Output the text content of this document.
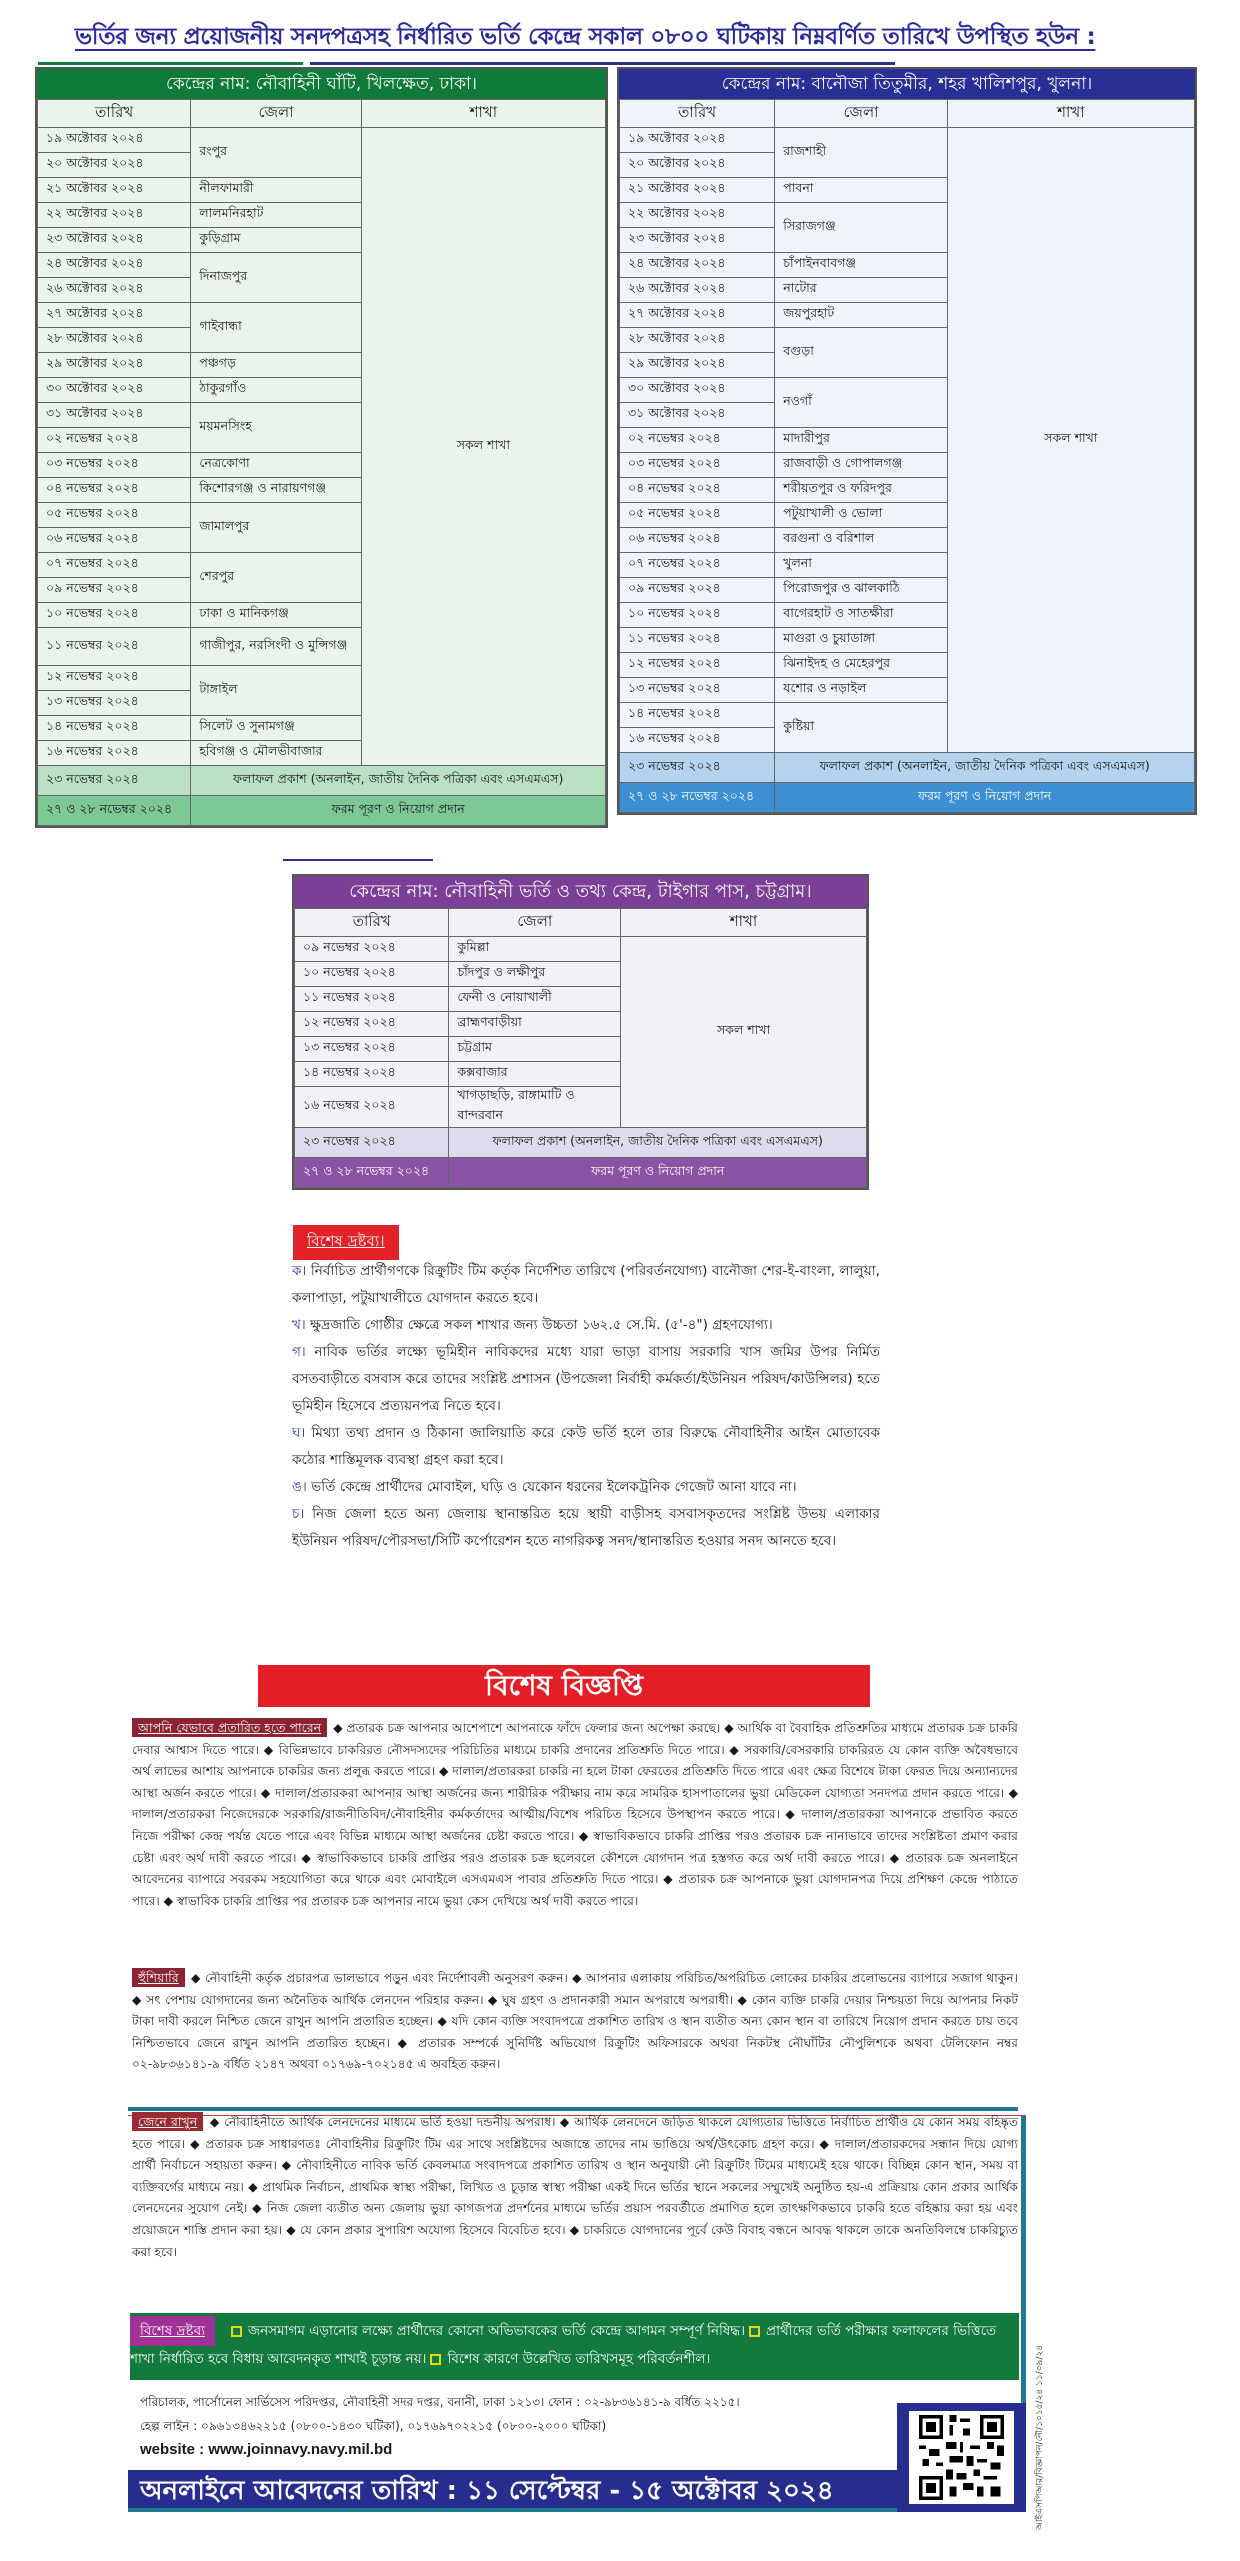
ভর্তির জন্য প্রয়োজনীয় সনদপত্রসহ নির্ধারিত ভর্তি কেন্দ্রে সকাল ০৮০০ ঘটিকায় নিম্নবর্ণিত তারিখে উপস্থিত হউন :
কেন্দ্রের নাম: নৌবাহিনী ঘাঁটি, খিলক্ষেত, ঢাকা।
তারিখ	জেলা	শাখা
১৯ অক্টোবর ২০২৪	রংপুর	সকল শাখা
২০ অক্টোবর ২০২৪		
২১ অক্টোবর ২০২৪	নীলফামারী	
২২ অক্টোবর ২০২৪	লালমনিরহাট	
২৩ অক্টোবর ২০২৪	কুড়িগ্রাম	
২৪ অক্টোবর ২০২৪	দিনাজপুর	
২৬ অক্টোবর ২০২৪		
২৭ অক্টোবর ২০২৪	গাইবান্ধা	
২৮ অক্টোবর ২০২৪		
২৯ অক্টোবর ২০২৪	পঞ্চগড়	
৩০ অক্টোবর ২০২৪	ঠাকুরগাঁও	
৩১ অক্টোবর ২০২৪	ময়মনসিংহ	
০২ নভেম্বর ২০২৪		
০৩ নভেম্বর ২০২৪	নেত্রকোণা	
০৪ নভেম্বর ২০২৪	কিশোরগঞ্জ ও নারায়ণগঞ্জ	
০৫ নভেম্বর ২০২৪	জামালপুর	
০৬ নভেম্বর ২০২৪		
০৭ নভেম্বর ২০২৪	শেরপুর	
০৯ নভেম্বর ২০২৪		
১০ নভেম্বর ২০২৪	ঢাকা ও মানিকগঞ্জ	
১১ নভেম্বর ২০২৪	গাজীপুর, নরসিংদী ও মুন্সিগঞ্জ	
১২ নভেম্বর ২০২৪	টাঙ্গাইল	
১৩ নভেম্বর ২০২৪		
১৪ নভেম্বর ২০২৪	সিলেট ও সুনামগঞ্জ	
১৬ নভেম্বর ২০২৪	হবিগঞ্জ ও মৌলভীবাজার	
২৩ নভেম্বর ২০২৪	ফলাফল প্রকাশ (অনলাইন, জাতীয় দৈনিক পত্রিকা এবং এসএমএস)	
২৭ ও ২৮ নভেম্বর ২০২৪	ফরম পূরণ ও নিয়োগ প্রদান	
কেন্দ্রের নাম: বানৌজা তিতুমীর, শহর খালিশপুর, খুলনা।
তারিখ	জেলা	শাখা
১৯ অক্টোবর ২০২৪	রাজশাহী	সকল শাখা
২০ অক্টোবর ২০২৪		
২১ অক্টোবর ২০২৪	পাবনা	
২২ অক্টোবর ২০২৪	সিরাজগঞ্জ	
২৩ অক্টোবর ২০২৪		
২৪ অক্টোবর ২০২৪	চাঁপাইনবাবগঞ্জ	
২৬ অক্টোবর ২০২৪	নাটোর	
২৭ অক্টোবর ২০২৪	জয়পুরহাট	
২৮ অক্টোবর ২০২৪	বগুড়া	
২৯ অক্টোবর ২০২৪		
৩০ অক্টোবর ২০২৪	নওগাঁ	
৩১ অক্টোবর ২০২৪		
০২ নভেম্বর ২০২৪	মাদারীপুর	
০৩ নভেম্বর ২০২৪	রাজবাড়ী ও গোপালগঞ্জ	
০৪ নভেম্বর ২০২৪	শরীয়তপুর ও ফরিদপুর	
০৫ নভেম্বর ২০২৪	পটুয়াখালী ও ভোলা	
০৬ নভেম্বর ২০২৪	বরগুনা ও বরিশাল	
০৭ নভেম্বর ২০২৪	খুলনা	
০৯ নভেম্বর ২০২৪	পিরোজপুর ও ঝালকাঠি	
১০ নভেম্বর ২০২৪	বাগেরহাট ও সাতক্ষীরা	
১১ নভেম্বর ২০২৪	মাগুরা ও চুয়াডাঙ্গা	
১২ নভেম্বর ২০২৪	ঝিনাইদহ ও মেহেরপুর	
১৩ নভেম্বর ২০২৪	যশোর ও নড়াইল	
১৪ নভেম্বর ২০২৪	কুষ্টিয়া	
১৬ নভেম্বর ২০২৪		
২৩ নভেম্বর ২০২৪	ফলাফল প্রকাশ (অনলাইন, জাতীয় দৈনিক পত্রিকা এবং এসএমএস)	
২৭ ও ২৮ নভেম্বর ২০২৪	ফরম পূরণ ও নিয়োগ প্রদান	
কেন্দ্রের নাম: নৌবাহিনী ভর্তি ও তথ্য কেন্দ্র, টাইগার পাস, চট্টগ্রাম।
তারিখ	জেলা	শাখা
০৯ নভেম্বর ২০২৪	কুমিল্লা	সকল শাখা
১০ নভেম্বর ২০২৪	চাঁদপুর ও লক্ষীপুর	
১১ নভেম্বর ২০২৪	ফেনী ও নোয়াখালী	
১২ নভেম্বর ২০২৪	ব্রাহ্মণবাড়ীয়া	
১৩ নভেম্বর ২০২৪	চট্টগ্রাম	
১৪ নভেম্বর ২০২৪	কক্সবাজার	
১৬ নভেম্বর ২০২৪	খাগড়াছড়ি, রাঙ্গামাটি ও বান্দরবান	
২৩ নভেম্বর ২০২৪	ফলাফল প্রকাশ (অনলাইন, জাতীয় দৈনিক পত্রিকা এবং এসএমএস)	
২৭ ও ২৮ নভেম্বর ২০২৪	ফরম পূরণ ও নিয়োগ প্রদান	
বিশেষ দ্রষ্টব্য।

ক। নির্বাচিত প্রার্থীগণকে রিক্রুটিং টিম কর্তৃক নির্দেশিত তারিখে (পরিবর্তনযোগ্য) বানৌজা শের-ই-বাংলা, লালুয়া, কলাপাড়া, পটুয়াখালীতে যোগদান করতে হবে।

খ। ক্ষুদ্রজাতি গোষ্ঠীর ক্ষেত্রে সকল শাখার জন্য উচ্চতা ১৬২.৫ সে.মি. (৫'-৪") গ্রহণযোগ্য।

গ। নাবিক ভর্তির লক্ষ্যে ভূমিহীন নাবিকদের মধ্যে যারা ভাড়া বাসায় সরকারি খাস জমির উপর নির্মিত বসতবাড়ীতে বসবাস করে তাদের সংশ্লিষ্ট প্রশাসন (উপজেলা নির্বাহী কর্মকর্তা/ইউনিয়ন পরিষদ/কাউন্সিলর) হতে ভূমিহীন হিসেবে প্রত্যয়নপত্র নিতে হবে।

ঘ। মিথ্যা তথ্য প্রদান ও ঠিকানা জালিয়াতি করে কেউ ভর্তি হলে তার বিরুদ্ধে নৌবাহিনীর আইন মোতাবেক কঠোর শাস্তিমূলক ব্যবস্থা গ্রহণ করা হবে।

ঙ। ভর্তি কেন্দ্রে প্রার্থীদের মোবাইল, ঘড়ি ও যেকোন ধরনের ইলেকট্রনিক গেজেট আনা যাবে না।

চ। নিজ জেলা হতে অন্য জেলায় স্থানান্তরিত হয়ে স্থায়ী বাড়ীসহ বসবাসকৃতদের সংশ্লিষ্ট উভয় এলাকার ইউনিয়ন পরিষদ/পৌরসভা/সিটি কর্পোরেশন হতে নাগরিকত্ব সনদ/স্থানান্তরিত হওয়ার সনদ আনতে হবে।

বিশেষ বিজ্ঞপ্তি
আপনি যেভাবে প্রতারিত হতে পারেন ◆ প্রতারক চক্র আপনার আশেপাশে আপনাকে ফাঁদে ফেলার জন্য অপেক্ষা করছে। ◆ আর্থিক বা বৈবাহিক প্রতিশ্রুতির মাধ্যমে প্রতারক চক্র চাকরি দেবার আশ্বাস দিতে পারে। ◆ বিভিন্নভাবে চাকরিরত নৌসদস্যদের পরিচিতির মাধ্যমে চাকরি প্রদানের প্রতিশ্রুতি দিতে পারে। ◆ সরকারি/বেসরকারি চাকরিরত যে কোন ব্যক্তি অবৈধভাবে অর্থ লাভের আশায় আপনাকে চাকরির জন্য প্রলুব্ধ করতে পারে। ◆ দালাল/প্রতারকরা চাকরি না হলে টাকা ফেরতের প্রতিশ্রুতি দিতে পারে এবং ক্ষেত্র বিশেষে টাকা ফেরত দিয়ে অন্যান্যদের আস্থা অর্জন করতে পারে। ◆ দালাল/প্রতারকরা আপনার আস্থা অর্জনের জন্য শারীরিক পরীক্ষার নাম করে সামরিক হাসপাতালের ভুয়া মেডিকেল যোগ্যতা সনদপত্র প্রদান করতে পারে। ◆ দালাল/প্রতারকরা নিজেদেরকে সরকারি/রাজনীতিবিদ/নৌবাহিনীর কর্মকর্তাদের আত্মীয়/বিশেষ পরিচিত হিসেবে উপস্থাপন করতে পারে। ◆ দালাল/প্রতারকরা আপনাকে প্রভাবিত করতে নিজে পরীক্ষা কেন্দ্র পর্যন্ত যেতে পারে এবং বিভিন্ন মাধ্যমে আস্থা অর্জনের চেষ্টা করতে পারে। ◆ স্বাভাবিকভাবে চাকরি প্রাপ্তির পরও প্রতারক চক্র নানাভাবে তাদের সংশ্লিষ্টতা প্রমাণ করার চেষ্টা এবং অর্থ দাবী করতে পারে। ◆ স্বাভাবিকভাবে চাকরি প্রাপ্তির পরও প্রতারক চক্র ছলেবলে কৌশলে যোগদান পত্র হস্তগত করে অর্থ দাবী করতে পারে। ◆ প্রতারক চক্র অনলাইনে আবেদনের ব্যাপারে সবরকম সহযোগিতা করে থাকে এবং মোবাইলে এসএমএস পাবার প্রতিশ্রুতি দিতে পারে। ◆ প্রতারক চক্র আপনাকে ভুয়া যোগদানপত্র দিয়ে প্রশিক্ষণ কেন্দ্রে পাঠাতে পারে। ◆ স্বাভাবিক চাকরি প্রাপ্তির পর প্রতারক চক্র আপনার নামে ভুয়া কেস দেখিয়ে অর্থ দাবী করতে পারে।
হুঁশিয়ারি ◆ নৌবাহিনী কর্তৃক প্রচারপত্র ভালভাবে পড়ুন এবং নির্দেশাবলী অনুসরণ করুন। ◆ আপনার এলাকায় পরিচিত/অপরিচিত লোকের চাকরির প্রলোভনের ব্যাপারে সজাগ থাকুন। ◆ সৎ পেশায় যোগদানের জন্য অনৈতিক আর্থিক লেনদেন পরিহার করুন। ◆ ঘুষ গ্রহণ ও প্রদানকারী সমান অপরাধে অপরাধী। ◆ কোন ব্যক্তি চাকরি দেয়ার নিশ্চয়তা দিয়ে আপনার নিকট টাকা দাবী করলে নিশ্চিত জেনে রাখুন আপনি প্রতারিত হচ্ছেন। ◆ যদি কোন ব্যক্তি সংবাদপত্রে প্রকাশিত তারিখ ও স্থান ব্যতীত অন্য কোন স্থান বা তারিখে নিয়োগ প্রদান করতে চায় তবে নিশ্চিতভাবে জেনে রাখুন আপনি প্রতারিত হচ্ছেন। ◆ প্রতারক সম্পর্কে সুনির্দিষ্ট অভিযোগ রিক্রুটিং অফিসারকে অথবা নিকটস্থ নৌঘাঁটির নৌপুলিশকে অথবা টেলিফোন নম্বর ০২-৯৮৩৬১৪১-৯ বর্ধিত ২১৪৭ অথবা ০১৭৬৯-৭০২১৪৫ এ অবহিত করুন।
জেনে রাখুন ◆ নৌবাহিনীতে আর্থিক লেনদেনের মাধ্যমে ভর্তি হওয়া দন্ডনীয় অপরাধ। ◆ আর্থিক লেনদেনে জড়িত থাকলে যোগ্যতার ভিত্তিতে নির্বাচিত প্রার্থীও যে কোন সময় বহিষ্কৃত হতে পারে। ◆ প্রতারক চক্র সাধারণতঃ নৌবাহিনীর রিক্রুটিং টিম এর সাথে সংশ্লিষ্টদের অজান্তে তাদের নাম ভাঙিয়ে অর্থ/উৎকোচ গ্রহণ করে। ◆ দালাল/প্রতারকদের সন্ধান দিয়ে যোগ্য প্রার্থী নির্বাচনে সহায়তা করুন। ◆ নৌবাহিনীতে নাবিক ভর্তি কেবলমাত্র সংবাদপত্রে প্রকাশিত তারিখ ও স্থান অনুযায়ী নৌ রিক্রুটিং টিমের মাধ্যমেই হয়ে থাকে। বিচ্ছিন্ন কোন স্থান, সময় বা ব্যক্তিবর্গের মাধ্যমে নয়। ◆ প্রাথমিক নির্বাচন, প্রাথমিক স্বাস্থ্য পরীক্ষা, লিখিত ও চূড়ান্ত স্বাস্থ্য পরীক্ষা একই দিনে ভর্তির স্থানে সকলের সম্মুখেই অনুষ্ঠিত হয়-এ প্রক্রিয়ায় কোন প্রকার আর্থিক লেনদেনের সুযোগ নেই। ◆ নিজ জেলা ব্যতীত অন্য জেলায় ভুয়া কাগজপত্র প্রদর্শনের মাধ্যমে ভর্তির প্রয়াস পরবর্তীতে প্রমাণিত হলে তাৎক্ষণিকভাবে চাকরি হতে বহিষ্কার করা হয় এবং প্রয়োজনে শাস্তি প্রদান করা হয়। ◆ যে কোন প্রকার সুপারিশ অযোগ্য হিসেবে বিবেচিত হবে। ◆ চাকরিতে যোগদানের পূর্বে কেউ বিবাহ বন্ধনে আবদ্ধ থাকলে তাকে অনতিবিলম্বে চাকরিচ্যুত করা হবে।
বিশেষ দ্রষ্টব্য	জনসমাগম এড়ানোর লক্ষ্যে প্রার্থীদের কোনো অভিভাবকের ভর্তি কেন্দ্রে আগমন সম্পূর্ণ নিষিদ্ধ। প্রার্থীদের ভর্তি পরীক্ষার ফলাফলের ভিত্তিতে শাখা নির্ধারিত হবে বিধায় আবেদনকৃত শাখাই চূড়ান্ত নয়। বিশেষ কারণে উল্লেখিত তারিখসমূহ পরিবর্তনশীল।
পরিচালক, পার্সোনেল সার্ভিসেস পরিদপ্তর, নৌবাহিনী সদর দপ্তর, বনানী, ঢাকা ১২১৩। ফোন : ০২-৯৮৩৬১৪১-৯ বর্ধিত ২২১৫।
হেল্প লাইন : ০৯৬১৩৪৬২২১৫ (০৮০০-১৪৩০ ঘটিকা), ০১৭৬৯৭০২২১৫ (০৮০০-২০০০ ঘটিকা)
website : www.joinnavy.navy.mil.bd
অনলাইনে আবেদনের তারিখ : ১১ সেপ্টেম্বর - ১৫ অক্টোবর ২০২৪	আইএসপিআর/বিজ্ঞাপন/নৌ/১০১৫/২৪ ১১/০৯/২৪
